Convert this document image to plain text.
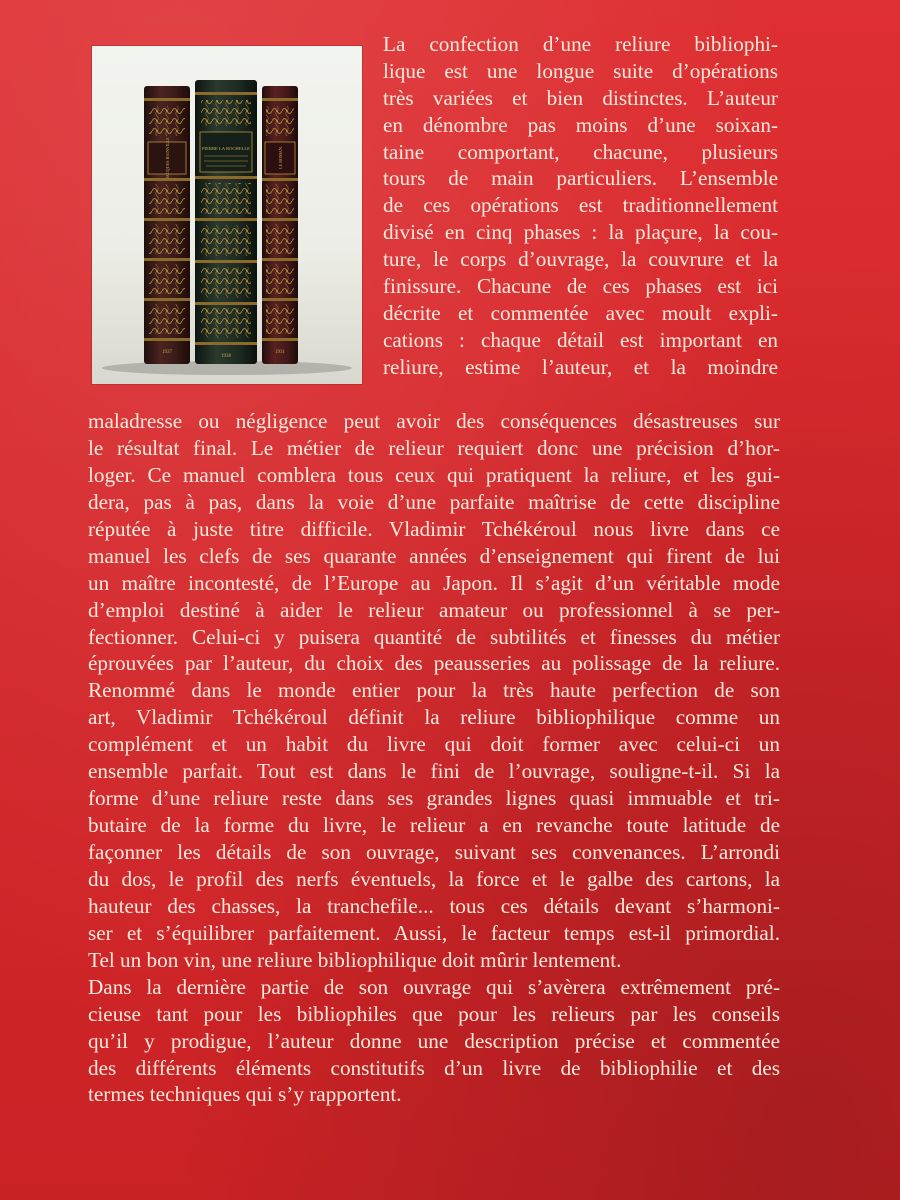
JACQUES BAINVILLE
1937
PIERRE LA ROCHELLE
1938
LE ROMAN
1931
La confection d’une reliure bibliophi-
lique est une longue suite d’opérations
très variées et bien distinctes. L’auteur
en dénombre pas moins d’une soixan-
taine comportant, chacune, plusieurs
tours de main particuliers. L’ensemble
de ces opérations est traditionnellement
divisé en cinq phases : la plaçure, la cou-
ture, le corps d’ouvrage, la couvrure et la
finissure. Chacune de ces phases est ici
décrite et commentée avec moult expli-
cations : chaque détail est important en
reliure, estime l’auteur, et la moindre
maladresse ou négligence peut avoir des conséquences désastreuses sur
le résultat final. Le métier de relieur requiert donc une précision d’hor-
loger. Ce manuel comblera tous ceux qui pratiquent la reliure, et les gui-
dera, pas à pas, dans la voie d’une parfaite maîtrise de cette discipline
réputée à juste titre difficile. Vladimir Tchékéroul nous livre dans ce
manuel les clefs de ses quarante années d’enseignement qui firent de lui
un maître incontesté, de l’Europe au Japon. Il s’agit d’un véritable mode
d’emploi destiné à aider le relieur amateur ou professionnel à se per-
fectionner. Celui-ci y puisera quantité de subtilités et finesses du métier
éprouvées par l’auteur, du choix des peausseries au polissage de la reliure.
Renommé dans le monde entier pour la très haute perfection de son
art, Vladimir Tchékéroul définit la reliure bibliophilique comme un
complément et un habit du livre qui doit former avec celui-ci un
ensemble parfait. Tout est dans le fini de l’ouvrage, souligne-t-il. Si la
forme d’une reliure reste dans ses grandes lignes quasi immuable et tri-
butaire de la forme du livre, le relieur a en revanche toute latitude de
façonner les détails de son ouvrage, suivant ses convenances. L’arrondi
du dos, le profil des nerfs éventuels, la force et le galbe des cartons, la
hauteur des chasses, la tranchefile... tous ces détails devant s’harmoni-
ser et s’équilibrer parfaitement. Aussi, le facteur temps est-il primordial.
Tel un bon vin, une reliure bibliophilique doit mûrir lentement.
Dans la dernière partie de son ouvrage qui s’avèrera extrêmement pré-
cieuse tant pour les bibliophiles que pour les relieurs par les conseils
qu’il y prodigue, l’auteur donne une description précise et commentée
des différents éléments constitutifs d’un livre de bibliophilie et des
termes techniques qui s’y rapportent.
